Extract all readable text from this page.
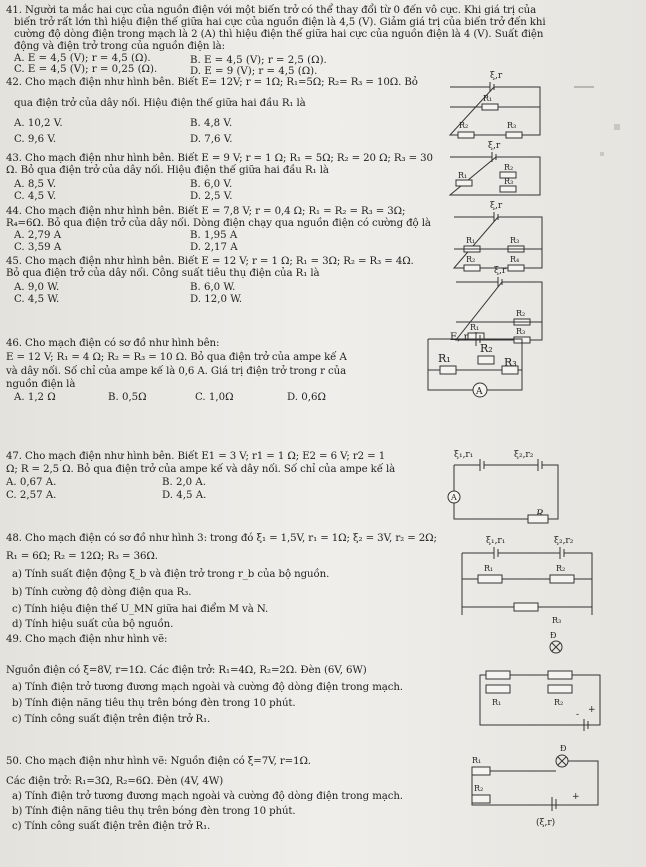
41. Người ta mắc hai cực của nguồn điện với một biến trở có thể thay đổi từ 0 đến vô cực. Khi giá trị của
biến trở rất lớn thì hiệu điện thế giữa hai cực của nguồn điện là 4,5 (V). Giảm giá trị của biến trở đến khi
cường độ dòng điện trong mạch là 2 (A) thì hiệu điện thế giữa hai cực của nguồn điện là 4 (V). Suất điện
động và điện trở trong của nguồn điện là:
A. E = 4,5 (V); r = 4,5 (Ω).	B. E = 4,5 (V); r = 2,5 (Ω).
C. E = 4,5 (V); r = 0,25 (Ω).	D. E = 9 (V); r = 4,5 (Ω).
42. Cho mạch điện như hình bên. Biết E= 12V; r = 1Ω; R₁=5Ω; R₂= R₃ = 10Ω. Bỏ
qua điện trở của dây nối. Hiệu điện thế giữa hai đầu R₁ là
A. 10,2 V.	B. 4,8 V.
C. 9,6 V.	D. 7,6 V.
43. Cho mạch điện như hình bên. Biết E = 9 V; r = 1 Ω; R₁ = 5Ω; R₂ = 20 Ω; R₃ = 30
Ω. Bỏ qua điện trở của dây nối. Hiệu điện thế giữa hai đầu R₁ là
A. 8,5 V.	B. 6,0 V.
C. 4,5 V.	D. 2,5 V.
44. Cho mạch điện như hình bên. Biết E = 7,8 V; r = 0,4 Ω; R₁ = R₂ = R₃ = 3Ω;
R₄=6Ω. Bỏ qua điện trở của dây nối. Dòng điện chạy qua nguồn điện có cường độ là
A. 2,79 A	B. 1,95 A
C. 3,59 A	D. 2,17 A
45. Cho mạch điện như hình bên. Biết E = 12 V; r = 1 Ω; R₁ = 3Ω; R₂ = R₃ = 4Ω.
Bỏ qua điện trở của dây nối. Công suất tiêu thụ điện của R₁ là
A. 9,0 W.	B. 6,0 W.
C. 4,5 W.	D. 12,0 W.
46. Cho mạch điện có sơ đồ như hình bên:
E = 12 V; R₁ = 4 Ω; R₂ = R₃ = 10 Ω. Bỏ qua điện trở của ampe kế A
và dây nối. Số chỉ của ampe kế là 0,6 A. Giá trị điện trở trong r của
nguồn điện là
A. 1,2 Ω	B. 0,5Ω	C. 1,0Ω	D. 0,6Ω
47. Cho mạch điện như hình bên. Biết E1 = 3 V; r1 = 1 Ω; E2 = 6 V; r2 = 1
Ω; R = 2,5 Ω. Bỏ qua điện trở của ampe kế và dây nối. Số chỉ của ampe kế là
A. 0,67 A.	B. 2,0 A.
C. 2,57 A.	D. 4,5 A.
48. Cho mạch điện có sơ đồ như hình 3: trong đó ξ₁ = 1,5V, r₁ = 1Ω; ξ₂ = 3V, r₂ = 2Ω;
R₁ = 6Ω; R₂ = 12Ω; R₃ = 36Ω.
a) Tính suất điện động ξ_b và điện trở trong r_b của bộ nguồn.
b) Tính cường độ dòng điện qua R₃.
c) Tính hiệu điện thế U_MN giữa hai điểm M và N.
d) Tính hiệu suất của bộ nguồn.
49. Cho mạch điện như hình vẽ:
Nguồn điện có ξ=8V, r=1Ω. Các điện trở: R₁=4Ω, R₂=2Ω. Đèn (6V, 6W)
a) Tính điện trở tương đương mạch ngoài và cường độ dòng điện trong mạch.
b) Tính điện năng tiêu thụ trên bóng đèn trong 10 phút.
c) Tính công suất điện trên điện trở R₁.
50. Cho mạch điện như hình vẽ: Nguồn điện có ξ=7V, r=1Ω.
Các điện trở: R₁=3Ω, R₂=6Ω. Đèn (4V, 4W)
a) Tính điện trở tương đương mạch ngoài và cường độ dòng điện trong mạch.
b) Tính điện năng tiêu thụ trên bóng đèn trong 10 phút.
c) Tính công suất điện trên điện trở R₁.
ξ,r
R₁
R₂	R₃
ξ,r
R₂
R₁
R₃
ξ,r
R₁	R₃
R₂	R₄
ξ,r
R₂
R₁	R₃
E, r
R₁
R₂
R₃
A
ξ₁,r₁	ξ₂,r₂
A
ξ₁,r₁	ξ₂,r₂
R₁	R₂
R₃
Đ
R₁	R₂
- +
R₁
Đ
R₂
+
(ξ,r)
